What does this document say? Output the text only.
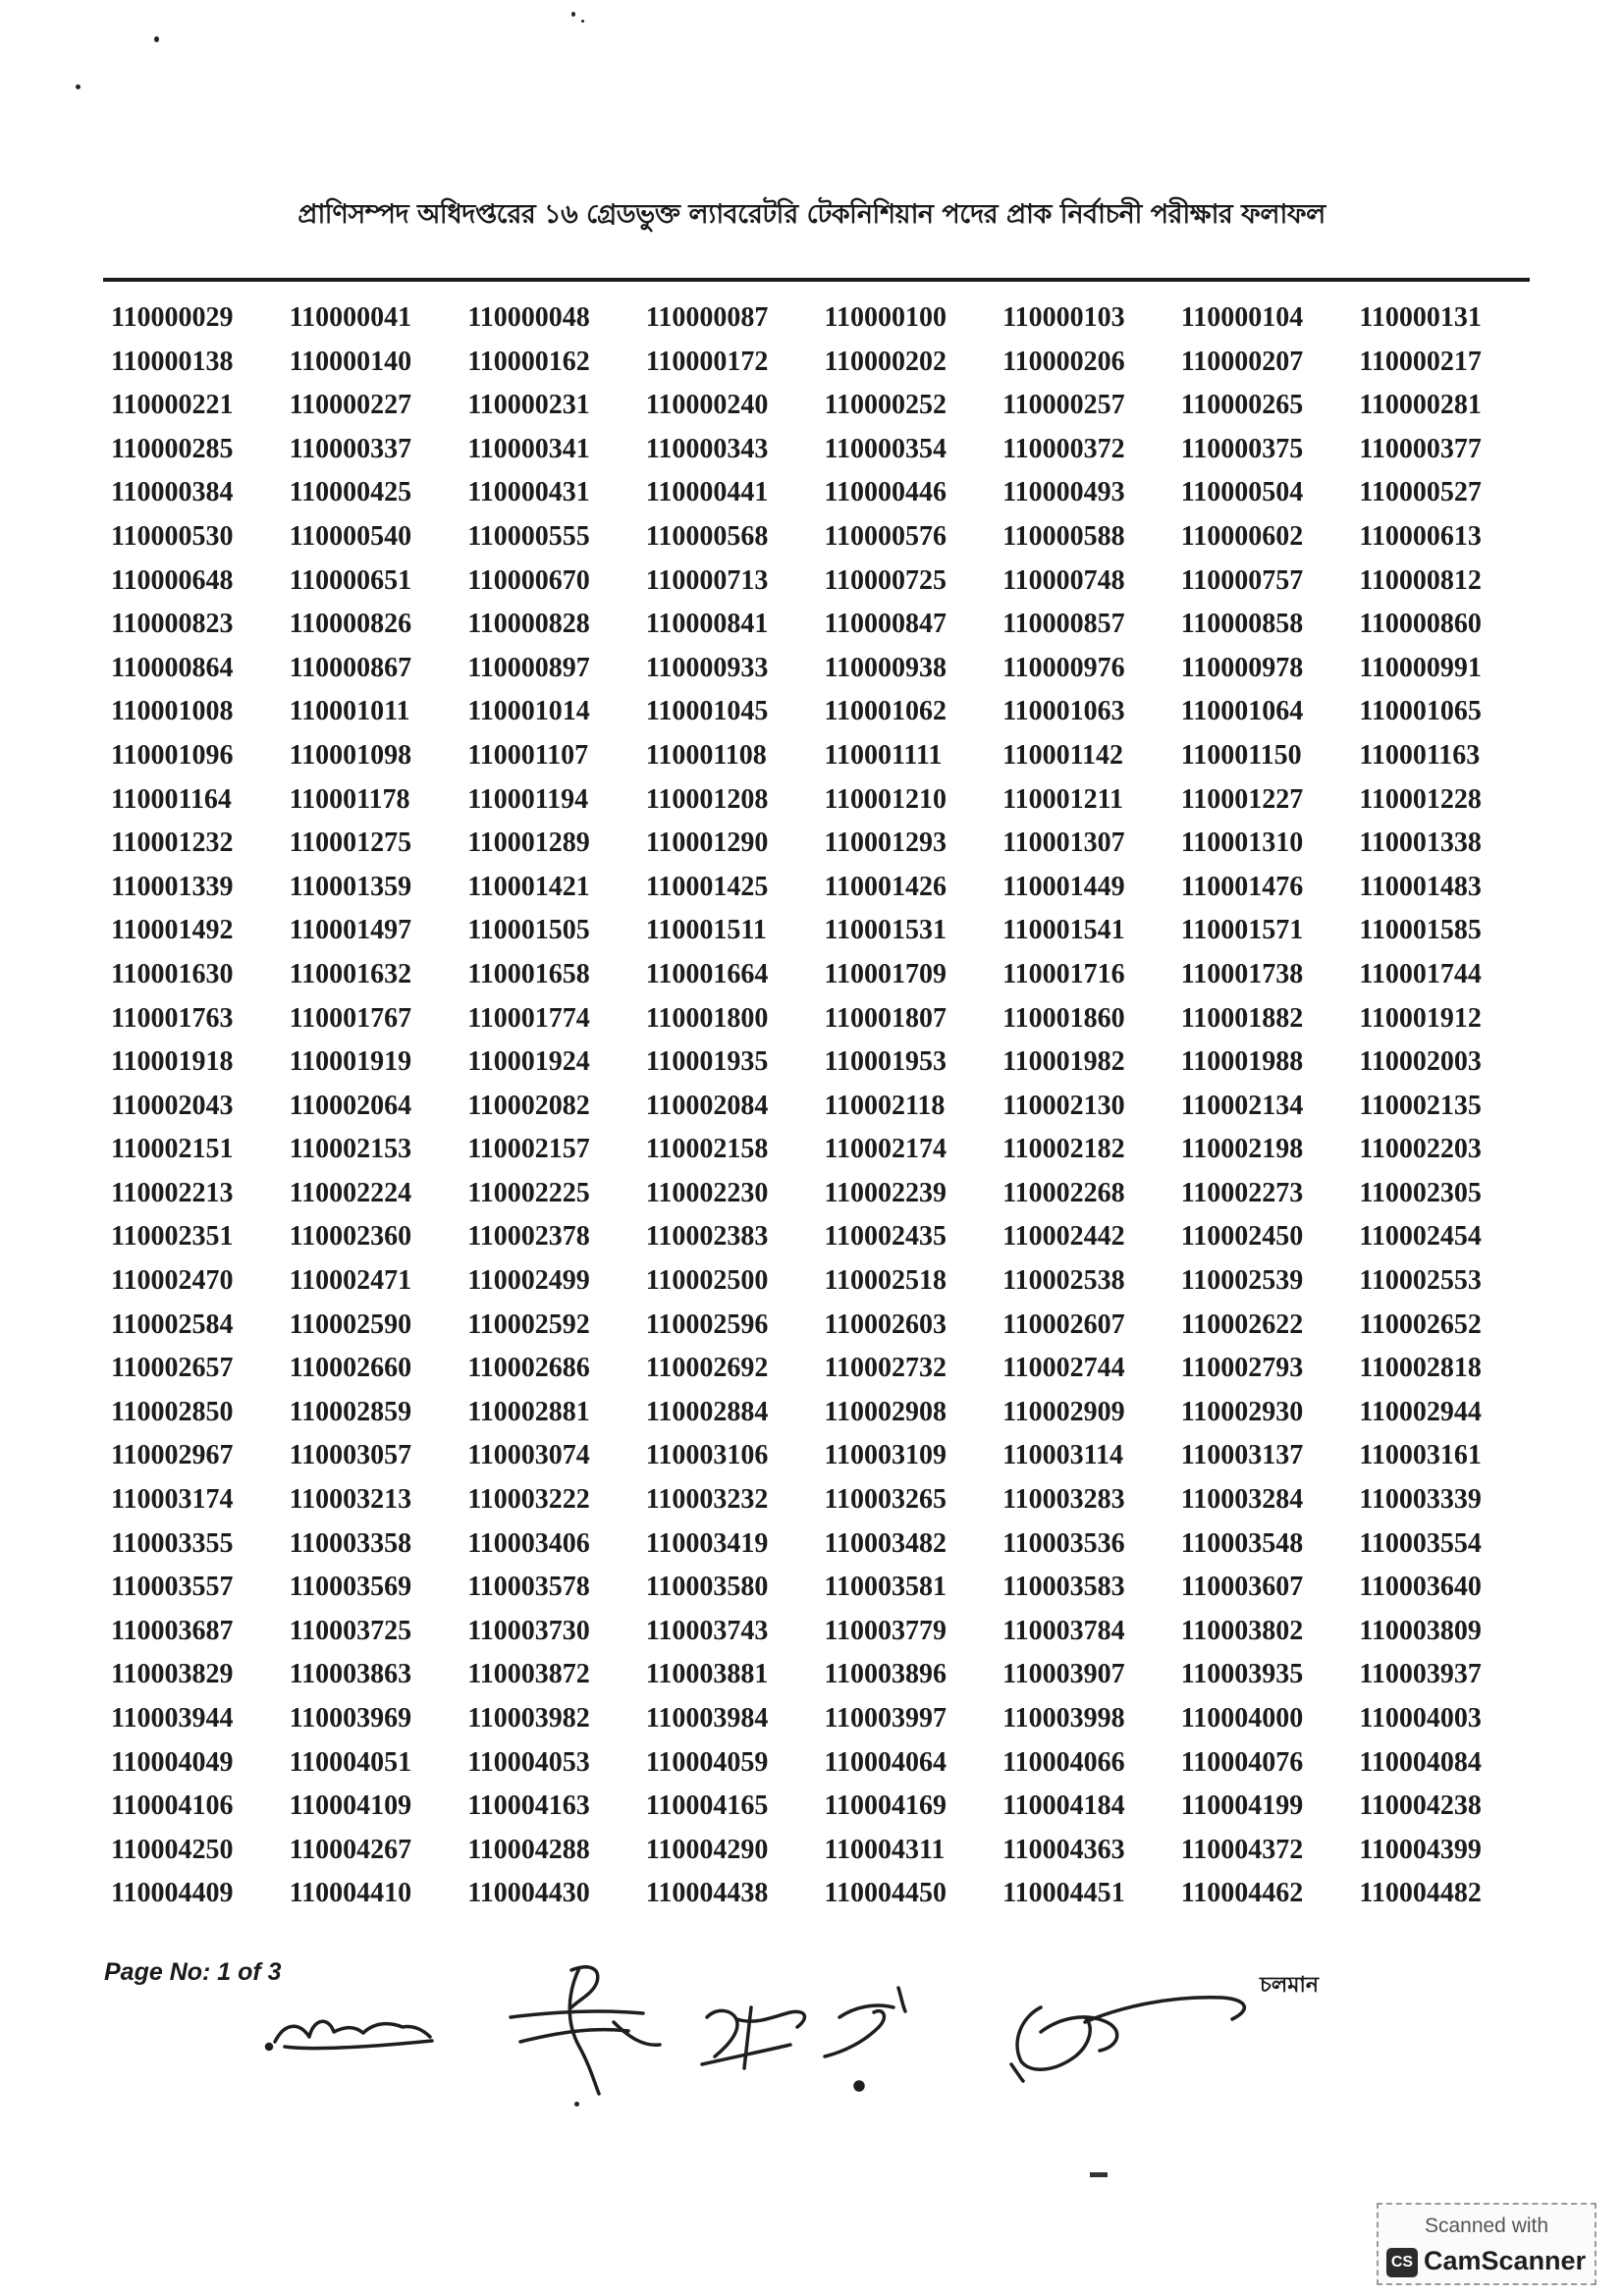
প্রাণিসম্পদ অধিদপ্তরের ১৬ গ্রেডভুক্ত ল্যাবরেটরি টেকনিশিয়ান পদের প্রাক নির্বাচনী পরীক্ষার ফলাফল
110000029	110000041	110000048	110000087	110000100	110000103	110000104	110000131
110000138	110000140	110000162	110000172	110000202	110000206	110000207	110000217
110000221	110000227	110000231	110000240	110000252	110000257	110000265	110000281
110000285	110000337	110000341	110000343	110000354	110000372	110000375	110000377
110000384	110000425	110000431	110000441	110000446	110000493	110000504	110000527
110000530	110000540	110000555	110000568	110000576	110000588	110000602	110000613
110000648	110000651	110000670	110000713	110000725	110000748	110000757	110000812
110000823	110000826	110000828	110000841	110000847	110000857	110000858	110000860
110000864	110000867	110000897	110000933	110000938	110000976	110000978	110000991
110001008	110001011	110001014	110001045	110001062	110001063	110001064	110001065
110001096	110001098	110001107	110001108	110001111	110001142	110001150	110001163
110001164	110001178	110001194	110001208	110001210	110001211	110001227	110001228
110001232	110001275	110001289	110001290	110001293	110001307	110001310	110001338
110001339	110001359	110001421	110001425	110001426	110001449	110001476	110001483
110001492	110001497	110001505	110001511	110001531	110001541	110001571	110001585
110001630	110001632	110001658	110001664	110001709	110001716	110001738	110001744
110001763	110001767	110001774	110001800	110001807	110001860	110001882	110001912
110001918	110001919	110001924	110001935	110001953	110001982	110001988	110002003
110002043	110002064	110002082	110002084	110002118	110002130	110002134	110002135
110002151	110002153	110002157	110002158	110002174	110002182	110002198	110002203
110002213	110002224	110002225	110002230	110002239	110002268	110002273	110002305
110002351	110002360	110002378	110002383	110002435	110002442	110002450	110002454
110002470	110002471	110002499	110002500	110002518	110002538	110002539	110002553
110002584	110002590	110002592	110002596	110002603	110002607	110002622	110002652
110002657	110002660	110002686	110002692	110002732	110002744	110002793	110002818
110002850	110002859	110002881	110002884	110002908	110002909	110002930	110002944
110002967	110003057	110003074	110003106	110003109	110003114	110003137	110003161
110003174	110003213	110003222	110003232	110003265	110003283	110003284	110003339
110003355	110003358	110003406	110003419	110003482	110003536	110003548	110003554
110003557	110003569	110003578	110003580	110003581	110003583	110003607	110003640
110003687	110003725	110003730	110003743	110003779	110003784	110003802	110003809
110003829	110003863	110003872	110003881	110003896	110003907	110003935	110003937
110003944	110003969	110003982	110003984	110003997	110003998	110004000	110004003
110004049	110004051	110004053	110004059	110004064	110004066	110004076	110004084
110004106	110004109	110004163	110004165	110004169	110004184	110004199	110004238
110004250	110004267	110004288	110004290	110004311	110004363	110004372	110004399
110004409	110004410	110004430	110004438	110004450	110004451	110004462	110004482
Page No: 1 of 3	চলমান
Scanned with
CS CamScanner
